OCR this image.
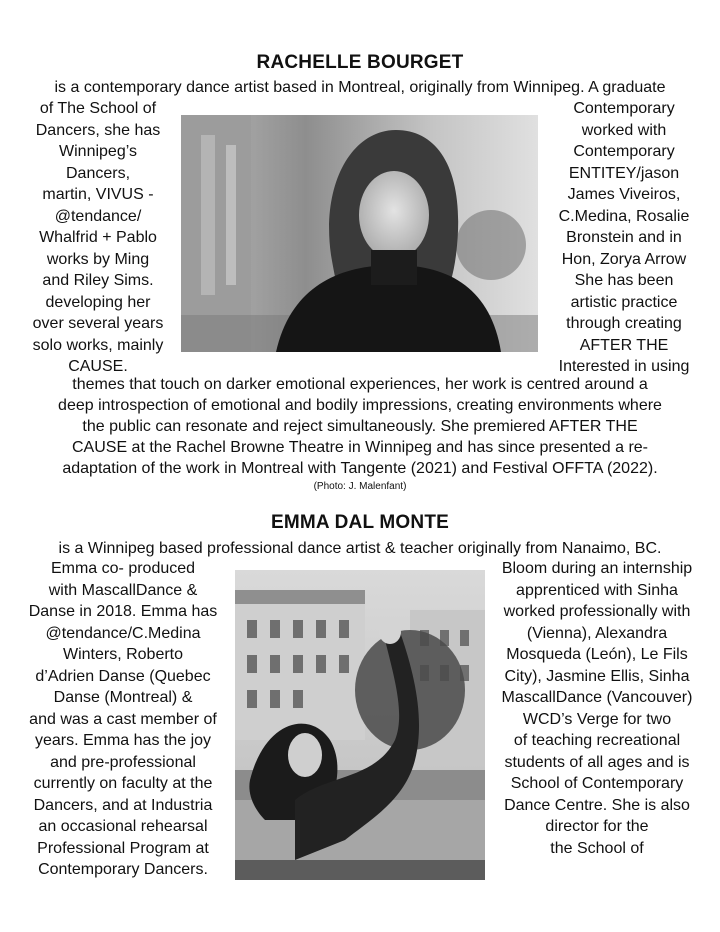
RACHELLE BOURGET
is a contemporary dance artist based in Montreal, originally from Winnipeg. A graduate
of The School of
Dancers, she has
Winnipeg’s
Dancers,
martin, VIVUS -
@tendance/
Whalfrid + Pablo
works by Ming
and Riley Sims.
developing her
over several years
solo works, mainly
CAUSE.
Contemporary
worked with
Contemporary
ENTITEY/jason
James Viveiros,
C.Medina, Rosalie
Bronstein and in
Hon, Zorya Arrow
She has been
artistic practice
through creating
AFTER THE
Interested in using
themes that touch on darker emotional experiences, her work is centred around a
deep introspection of emotional and bodily impressions, creating environments where
the public can resonate and reject simultaneously. She premiered AFTER THE
CAUSE at the Rachel Browne Theatre in Winnipeg and has since presented a re-
adaptation of the work in Montreal with Tangente (2021) and Festival OFFTA (2022).
(Photo: J. Malenfant)
EMMA DAL MONTE
is a Winnipeg based professional dance artist & teacher originally from Nanaimo, BC.
Emma co- produced
with MascallDance &
Danse in 2018. Emma has
@tendance/C.Medina
Winters, Roberto
d’Adrien Danse (Quebec
Danse (Montreal) &
and was a cast member of
years. Emma has the joy
and pre-professional
currently on faculty at the
Dancers, and at Industria
an occasional rehearsal
Professional Program at
Contemporary Dancers.
Bloom during an internship
apprenticed with Sinha
worked professionally with
(Vienna), Alexandra
Mosqueda (León), Le Fils
City), Jasmine Ellis, Sinha
MascallDance (Vancouver)
WCD’s Verge for two
of teaching recreational
students of all ages and is
School of Contemporary
Dance Centre. She is also
director for the
the School of
